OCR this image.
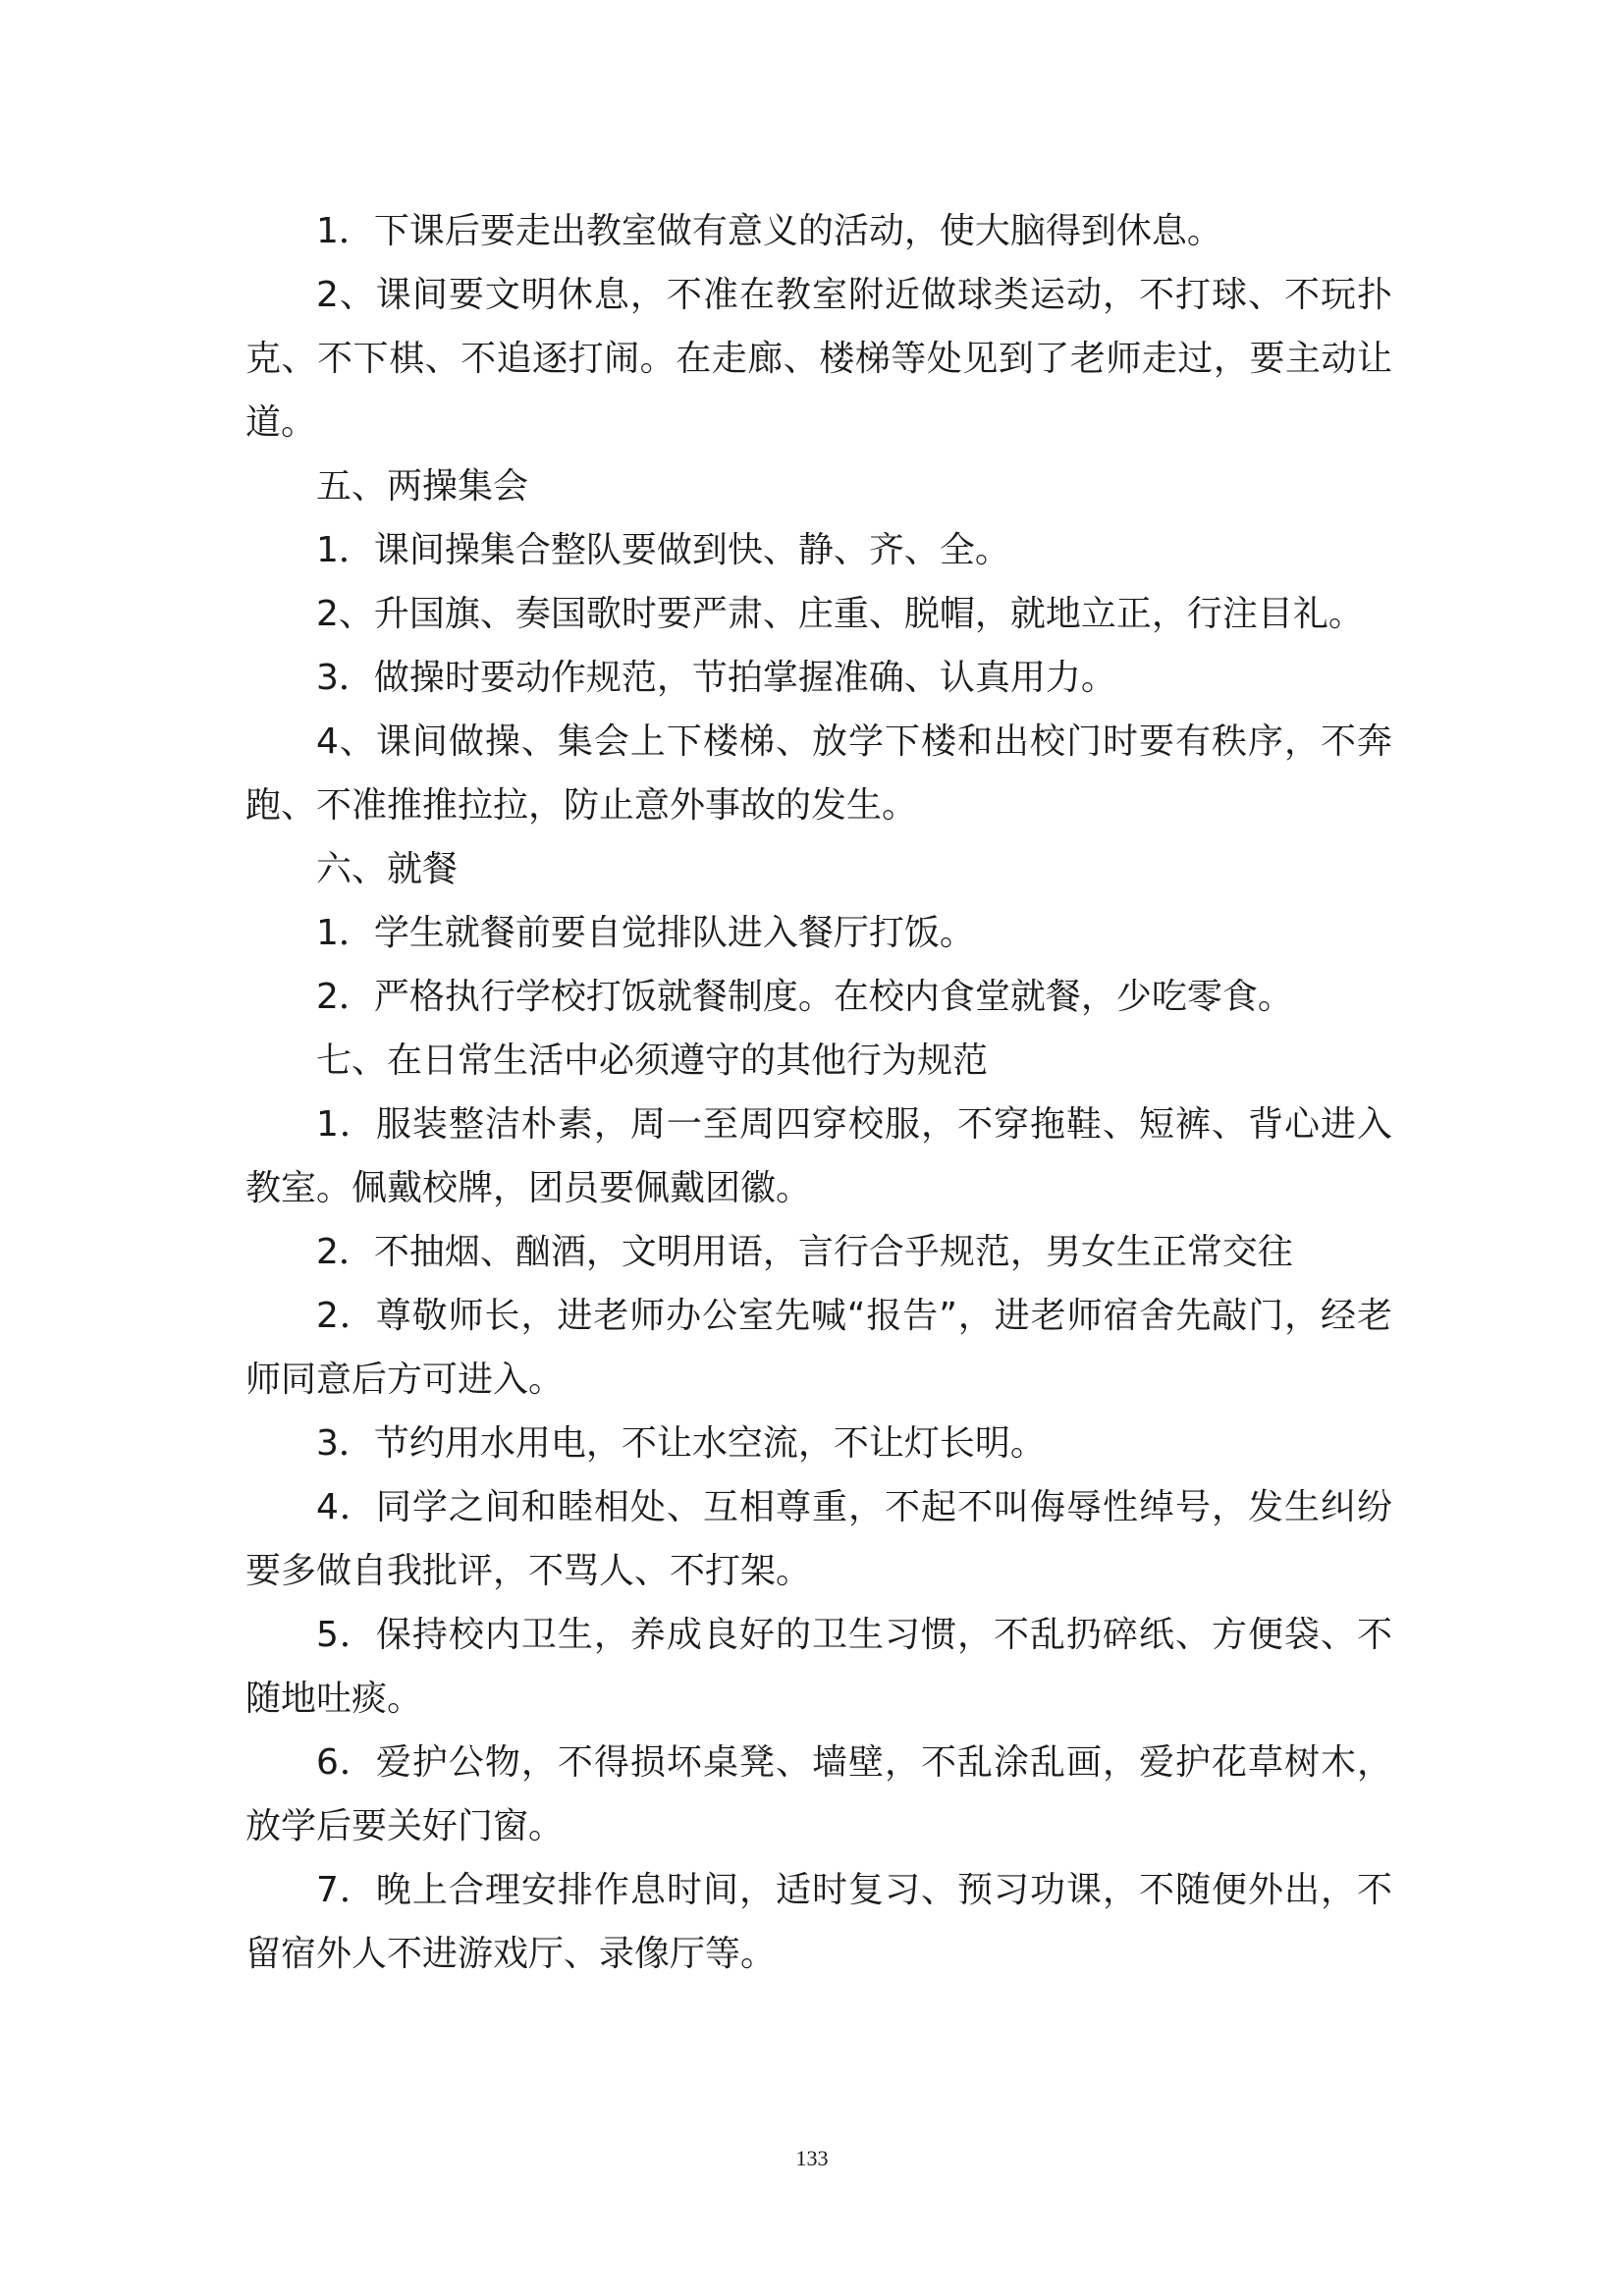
1．下课后要走出教室做有意义的活动，使大脑得到休息。

2、课间要文明休息，不准在教室附近做球类运动，不打球、不玩扑克、不下棋、不追逐打闹。在走廊、楼梯等处见到了老师走过，要主动让道。

五、两操集会

1．课间操集合整队要做到快、静、齐、全。

2、升国旗、奏国歌时要严肃、庄重、脱帽，就地立正，行注目礼。

3．做操时要动作规范，节拍掌握准确、认真用力。

4、课间做操、集会上下楼梯、放学下楼和出校门时要有秩序，不奔跑、不准推推拉拉，防止意外事故的发生。

六、就餐

1．学生就餐前要自觉排队进入餐厅打饭。

2．严格执行学校打饭就餐制度。在校内食堂就餐，少吃零食。

七、在日常生活中必须遵守的其他行为规范

1．服装整洁朴素，周一至周四穿校服，不穿拖鞋、短裤、背心进入教室。佩戴校牌，团员要佩戴团徽。

2．不抽烟、酗酒，文明用语，言行合乎规范，男女生正常交往

2．尊敬师长，进老师办公室先喊“报告”，进老师宿舍先敲门，经老师同意后方可进入。

3．节约用水用电，不让水空流，不让灯长明。

4．同学之间和睦相处、互相尊重，不起不叫侮辱性绰号，发生纠纷要多做自我批评，不骂人、不打架。

5．保持校内卫生，养成良好的卫生习惯，不乱扔碎纸、方便袋、不随地吐痰。

6．爱护公物，不得损坏桌凳、墙壁，不乱涂乱画，爱护花草树木，放学后要关好门窗。

7．晚上合理安排作息时间，适时复习、预习功课，不随便外出，不留宿外人不进游戏厅、录像厅等。

133
